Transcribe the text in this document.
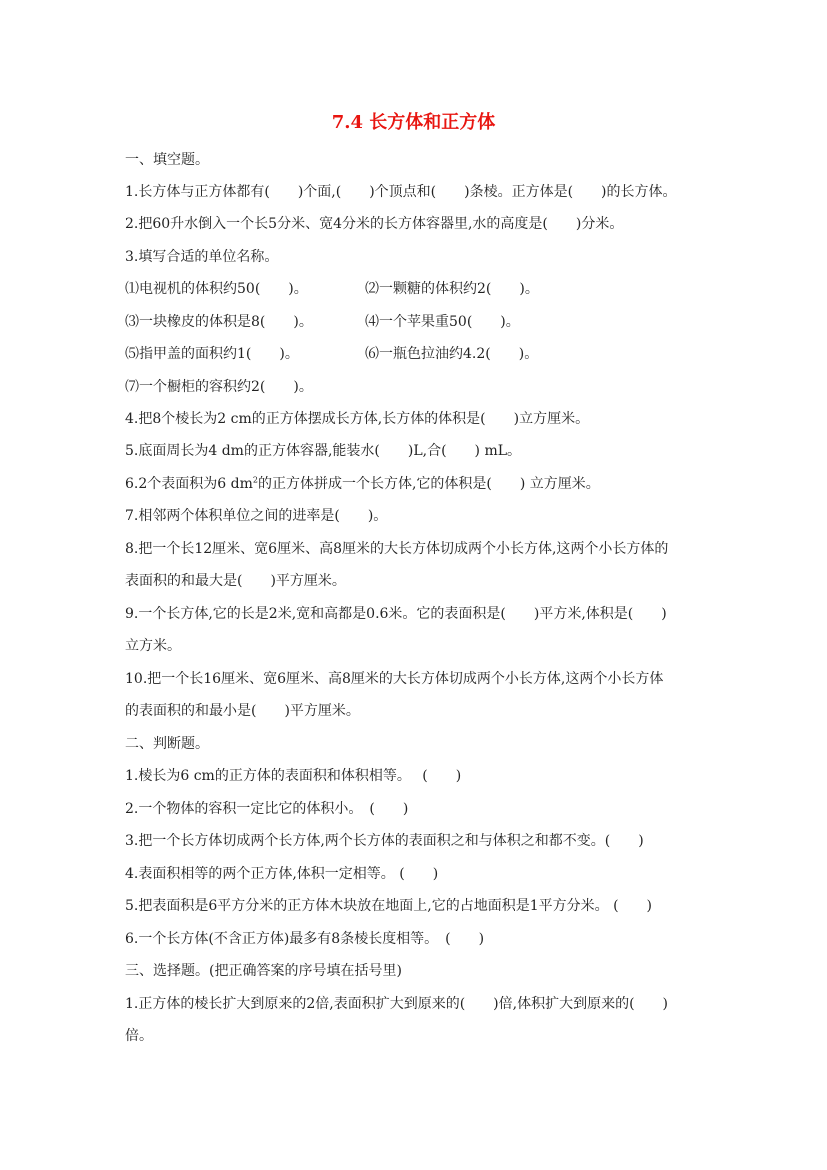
7.4 长方体和正方体
一、填空题。
1.长方体与正方体都有(　　)个面,(　　)个顶点和(　　)条棱。正方体是(　　)的长方体。
2.把60升水倒入一个长5分米、宽4分米的长方体容器里,水的高度是(　　)分米。
3.填写合适的单位名称。
⑴电视机的体积约50(　　)。	⑵一颗糖的体积约2(　　)。
⑶一块橡皮的体积是8(　　)。	⑷一个苹果重50(　　)。
⑸指甲盖的面积约1(　　)。	⑹一瓶色拉油约4.2(　　)。
⑺一个橱柜的容积约2(　　)。
4.把8个棱长为2 cm的正方体摆成长方体,长方体的体积是(　　)立方厘米。
5.底面周长为4 dm的正方体容器,能装水(　　)L,合(　　) mL。
6.2个表面积为6 $dm^2$的正方体拼成一个长方体,它的体积是(　　) 立方厘米。
7.相邻两个体积单位之间的进率是(　　)。
8.把一个长12厘米、宽6厘米、高8厘米的大长方体切成两个小长方体,这两个小长方体的
表面积的和最大是(　　)平方厘米。
9.一个长方体,它的长是2米,宽和高都是0.6米。它的表面积是(　　)平方米,体积是(　　)
立方米。
10.把一个长16厘米、宽6厘米、高8厘米的大长方体切成两个小长方体,这两个小长方体
的表面积的和最小是(　　)平方厘米。
二、判断题。
1.棱长为6 cm的正方体的表面积和体积相等。　 (　　)
2.一个物体的容积一定比它的体积小。　(　　)
3.把一个长方体切成两个长方体,两个长方体的表面积之和与体积之和都不变。(　　)
4.表面积相等的两个正方体,体积一定相等。 (　　)
5.把表面积是6平方分米的正方体木块放在地面上,它的占地面积是1平方分米。 (　　)
6.一个长方体(不含正方体)最多有8条棱长度相等。　(　　)
三、选择题。(把正确答案的序号填在括号里)
1.正方体的棱长扩大到原来的2倍,表面积扩大到原来的(　　)倍,体积扩大到原来的(　　)
倍。
